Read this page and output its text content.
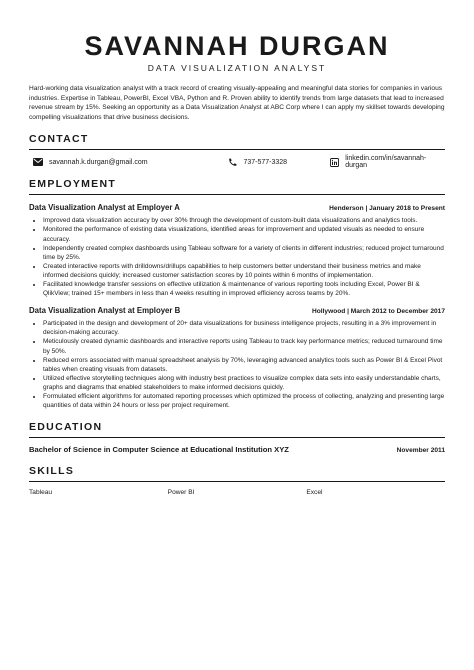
SAVANNAH DURGAN
DATA VISUALIZATION ANALYST
Hard-working data visualization analyst with a track record of creating visually-appealing and meaningful data stories for companies in various industries. Expertise in Tableau, PowerBI, Excel VBA, Python and R. Proven ability to identify trends from large datasets that lead to increased revenue stream by 15%. Seeking an opportunity as a Data Visualization Analyst at ABC Corp where I can apply my skillset towards developing compelling visualizations that drive business decisions.
CONTACT
savannah.k.durgan@gmail.com	737-577-3328	linkedin.com/in/savannah-durgan
EMPLOYMENT
Data Visualization Analyst at Employer A	Henderson | January 2018 to Present
• Improved data visualization accuracy by over 30% through the development of custom-built data visualizations and analytics tools.
• Monitored the performance of existing data visualizations, identified areas for improvement and updated visuals as needed to ensure accuracy.
• Independently created complex dashboards using Tableau software for a variety of clients in different industries; reduced project turnaround time by 25%.
• Created interactive reports with drilldowns/drillups capabilities to help customers better understand their business metrics and make informed decisions quickly; increased customer satisfaction scores by 10 points within 6 months of implementation.
• Facilitated knowledge transfer sessions on effective utilization & maintenance of various reporting tools including Excel, Power BI & QlikView; trained 15+ members in less than 4 weeks resulting in improved efficiency across teams by 20%.
Data Visualization Analyst at Employer B	Hollywood | March 2012 to December 2017
• Participated in the design and development of 20+ data visualizations for business intelligence projects, resulting in a 3% improvement in decision-making accuracy.
• Meticulously created dynamic dashboards and interactive reports using Tableau to track key performance metrics; reduced turnaround time by 50%.
• Reduced errors associated with manual spreadsheet analysis by 70%, leveraging advanced analytics tools such as Power BI & Excel Pivot tables when creating visuals from datasets.
• Utilized effective storytelling techniques along with industry best practices to visualize complex data sets into easily understandable charts, graphs and diagrams that enabled stakeholders to make informed decisions quickly.
• Formulated efficient algorithms for automated reporting processes which optimized the process of collecting, analyzing and presenting large quantities of data within 24 hours or less per project requirement.
EDUCATION
Bachelor of Science in Computer Science at Educational Institution XYZ	November 2011
SKILLS
Tableau	Power BI	Excel
